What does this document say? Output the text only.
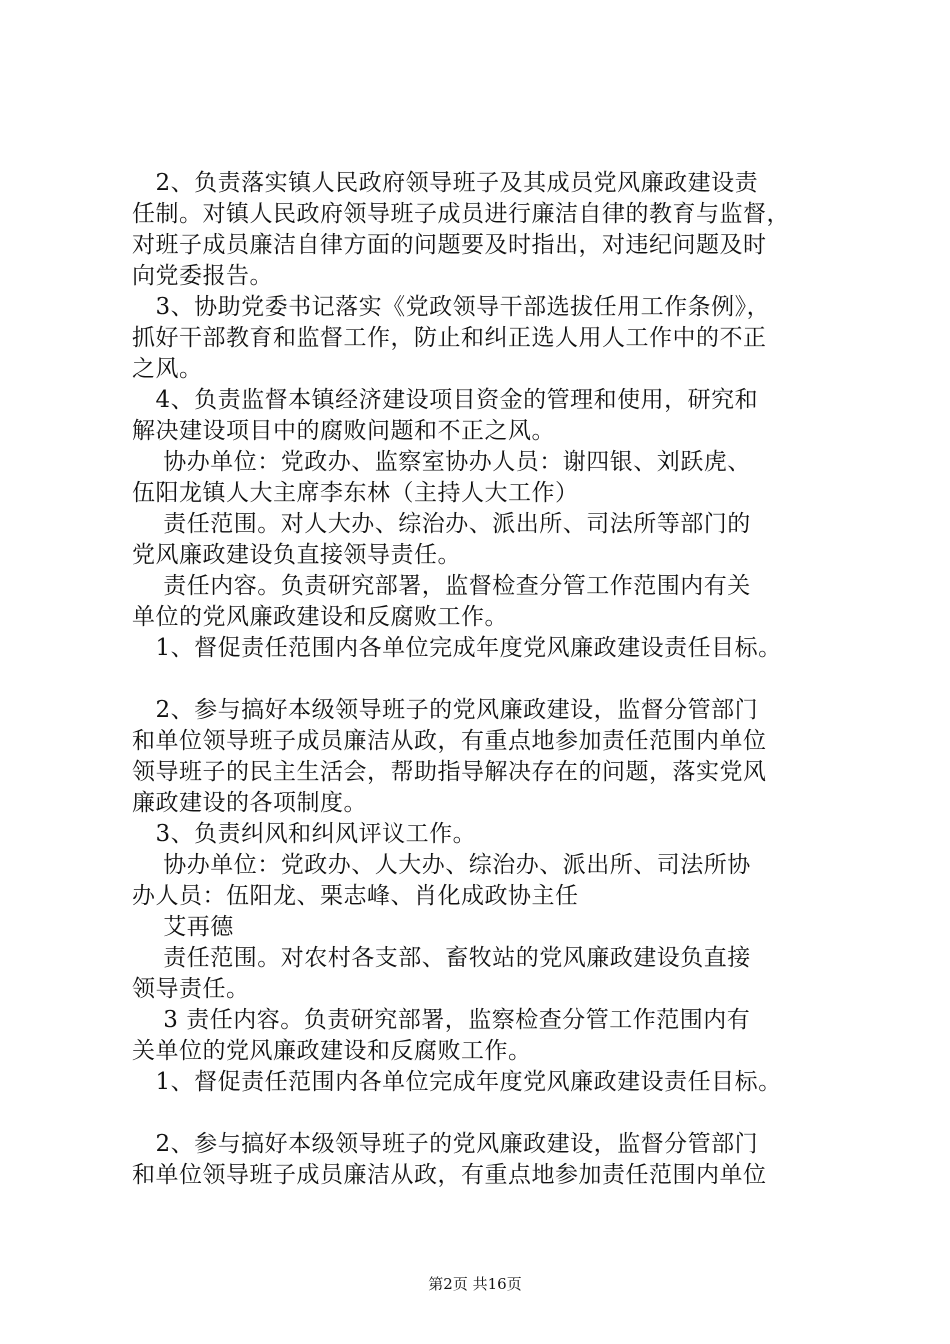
　2、负责落实镇人民政府领导班子及其成员党风廉政建设责
任制。对镇人民政府领导班子成员进行廉洁自律的教育与监督，
对班子成员廉洁自律方面的问题要及时指出，对违纪问题及时
向党委报告。
　3、协助党委书记落实《党政领导干部选拔任用工作条例》，
抓好干部教育和监督工作，防止和纠正选人用人工作中的不正
之风。
　4、负责监督本镇经济建设项目资金的管理和使用，研究和
解决建设项目中的腐败问题和不正之风。
　 协办单位：党政办、监察室协办人员：谢四银、刘跃虎、
伍阳龙镇人大主席李东林（主持人大工作）
　 责任范围。对人大办、综治办、派出所、司法所等部门的
党风廉政建设负直接领导责任。
　 责任内容。负责研究部署，监督检查分管工作范围内有关
单位的党风廉政建设和反腐败工作。
　1、督促责任范围内各单位完成年度党风廉政建设责任目标。
　2、参与搞好本级领导班子的党风廉政建设，监督分管部门
和单位领导班子成员廉洁从政，有重点地参加责任范围内单位
领导班子的民主生活会，帮助指导解决存在的问题，落实党风
廉政建设的各项制度。
　3、负责纠风和纠风评议工作。
　 协办单位：党政办、人大办、综治办、派出所、司法所协
办人员：伍阳龙、栗志峰、肖化成政协主任
　 艾再德
　 责任范围。对农村各支部、畜牧站的党风廉政建设负直接
领导责任。
　 3 责任内容。负责研究部署，监察检查分管工作范围内有
关单位的党风廉政建设和反腐败工作。
　1、督促责任范围内各单位完成年度党风廉政建设责任目标。
　2、参与搞好本级领导班子的党风廉政建设，监督分管部门
和单位领导班子成员廉洁从政，有重点地参加责任范围内单位
第2页 共16页
